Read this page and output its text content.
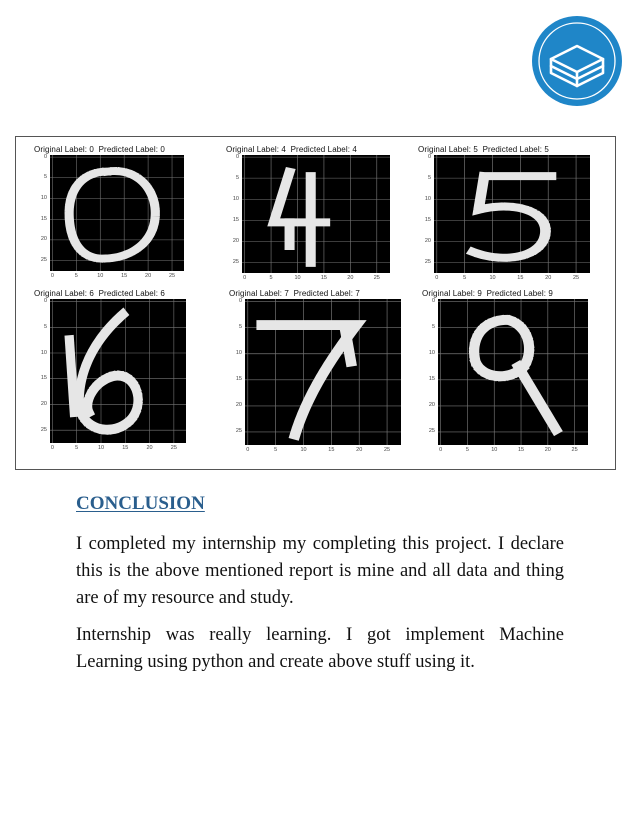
Original Label: 0 Predicted Label: 0
0
5
10
15
20
25
0	5	10	15	20	25
Original Label: 4 Predicted Label: 4
0
5
10
15
20
25
0	5	10	15	20	25
Original Label: 5 Predicted Label: 5
0
5
10
15
20
25
0	5	10	15	20	25
Original Label: 6 Predicted Label: 6
0
5
10
15
20
25
0	5	10	15	20	25
Original Label: 7 Predicted Label: 7
0
5
10
15
20
25
0	5	10	15	20	25
Original Label: 9 Predicted Label: 9
0
5
10
15
20
25
0	5	10	15	20	25
CONCLUSION

I completed my internship my completing this project. I declare this is the above mentioned report is mine and all data and thing are of my resource and study.

Internship was really learning. I got implement Machine Learning using python and create above stuff using it.
